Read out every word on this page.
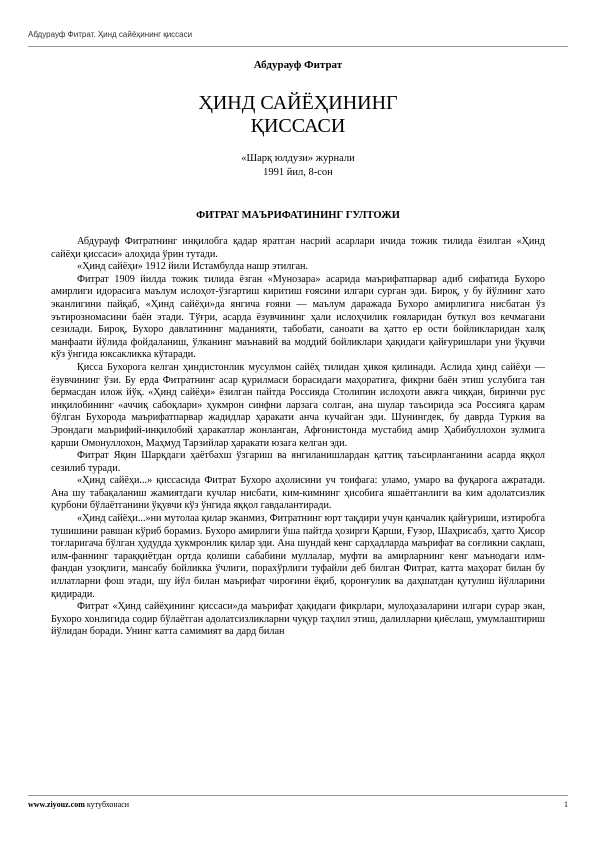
Абдурауф Фитрат. Ҳинд сайёҳининг қиссаси
Абдурауф Фитрат
ҲИНД САЙЁҲИНИНГ
ҚИССАСИ
«Шарқ юлдузи» журнали
1991 йил, 8-сон
ФИТРАТ МАЪРИФАТИНИНГ ГУЛТОЖИ

Абдурауф Фитратнинг инқилобга қадар яратган насрий асарлари ичида тожик тилида ёзилган «Ҳинд сайёҳи қиссаси» алоҳида ўрин тутади.

«Ҳинд сайёҳи» 1912 йили Истамбулда нашр этилган.

Фитрат 1909 йилда тожик тилида ёзган «Мунозара» асарида маърифатпарвар адиб сифатида Бухоро амирлиги идорасига маълум ислоҳот-ўзгартиш киритиш ғоясини илгари сурган эди. Бироқ, у бу йўлнинг хато эканлигини пайқаб, «Ҳинд сайёҳи»да янгича ғояни — маълум даражада Бухоро амирлигига нисбатан ўз эътирозномасини баён этади. Тўғри, асарда ёзувчининг ҳали ислоҳчилик ғояларидан буткул воз кечмагани сезилади. Бироқ, Бухоро давлатининг маданияти, табобати, саноати ва ҳатто ер ости бойликларидан халқ манфаати йўлида фойдаланиш, ўлканинг маънавий ва моддий бойликлари ҳақидаги қайғуришлари уни ўқувчи кўз ўнгида юксакликка кўтаради.

Қисса Бухорога келган ҳиндистонлик мусулмон сайёҳ тилидан ҳикоя қилинади. Аслида ҳинд сайёҳи — ёзувчининг ўзи. Бу ерда Фитратнинг асар қурилмаси борасидаги маҳоратига, фикрни баён этиш услубига тан бермасдан илож йўқ. «Ҳинд сайёҳи» ёзилган пайтда Россияда Столипин ислоҳоти авжга чиққан, биринчи рус инқилобининг «аччиқ сабоқлари» ҳукмрон синфни ларзага солган, ана шулар таъсирида эса Россияга қарам бўлган Бухорода маърифатпарвар жадидлар ҳаракати анча кучайган эди. Шунингдек, бу даврда Туркия ва Эрондаги маърифий-инқилобий ҳаракатлар жонланган, Афғонистонда мустабид амир Ҳабибуллохон зулмига қарши Омонуллохон, Маҳмуд Тарзийлар ҳаракати юзага келган эди.

Фитрат Яқин Шарқдаги ҳаётбахш ўзгариш ва янгиланишлардан қаттиқ таъсирланганини асарда яққол сезилиб туради.

«Ҳинд сайёҳи...» қиссасида Фитрат Бухоро аҳолисини уч тоифага: уламо, умаро ва фуқарога ажратади. Ана шу табақаланиш жамиятдаги кучлар нисбати, ким-кимнинг ҳисобига яшаётганлиги ва ким адолатсизлик қурбони бўлаётганини ўқувчи кўз ўнгида яққол гавдалантиради.

«Ҳинд сайёҳи...»ни мутолаа қилар эканмиз, Фитратнинг юрт тақдири учун қанчалик қайғуриши, изтиробга тушишини равшан кўриб борамиз. Бухоро амирлиги ўша пайтда ҳозирги Қарши, Ғузор, Шаҳрисабз, ҳатто Ҳисор тоғларигача бўлган ҳудудда ҳукмронлик қилар эди. Ана шундай кенг сарҳадларда маърифат ва соғликни сақлаш, илм-фаннинг тараққиётдан ортда қолиши сабабини муллалар, муфти ва амирларнинг кенг маънодаги илм-фандан узоқлиги, мансабу бойликка ўчлиги, порахўрлиги туфайли деб билган Фитрат, катта маҳорат билан бу иллатларни фош этади, шу йўл билан маърифат чироғини ёқиб, қоронғулик ва даҳшатдан қутулиш йўлларини қидиради.

Фитрат «Ҳинд сайёҳининг қиссаси»да маърифат ҳақидаги фикрлари, мулоҳазаларини илгари сурар экан, Бухоро хонлигида содир бўлаётган адолатсизликларни чуқур таҳлил этиш, далилларни қиёслаш, умумлаштириш йўлидан боради. Унинг катта самимият ва дард билан

www.ziyouz.com кутубхонаси	1
